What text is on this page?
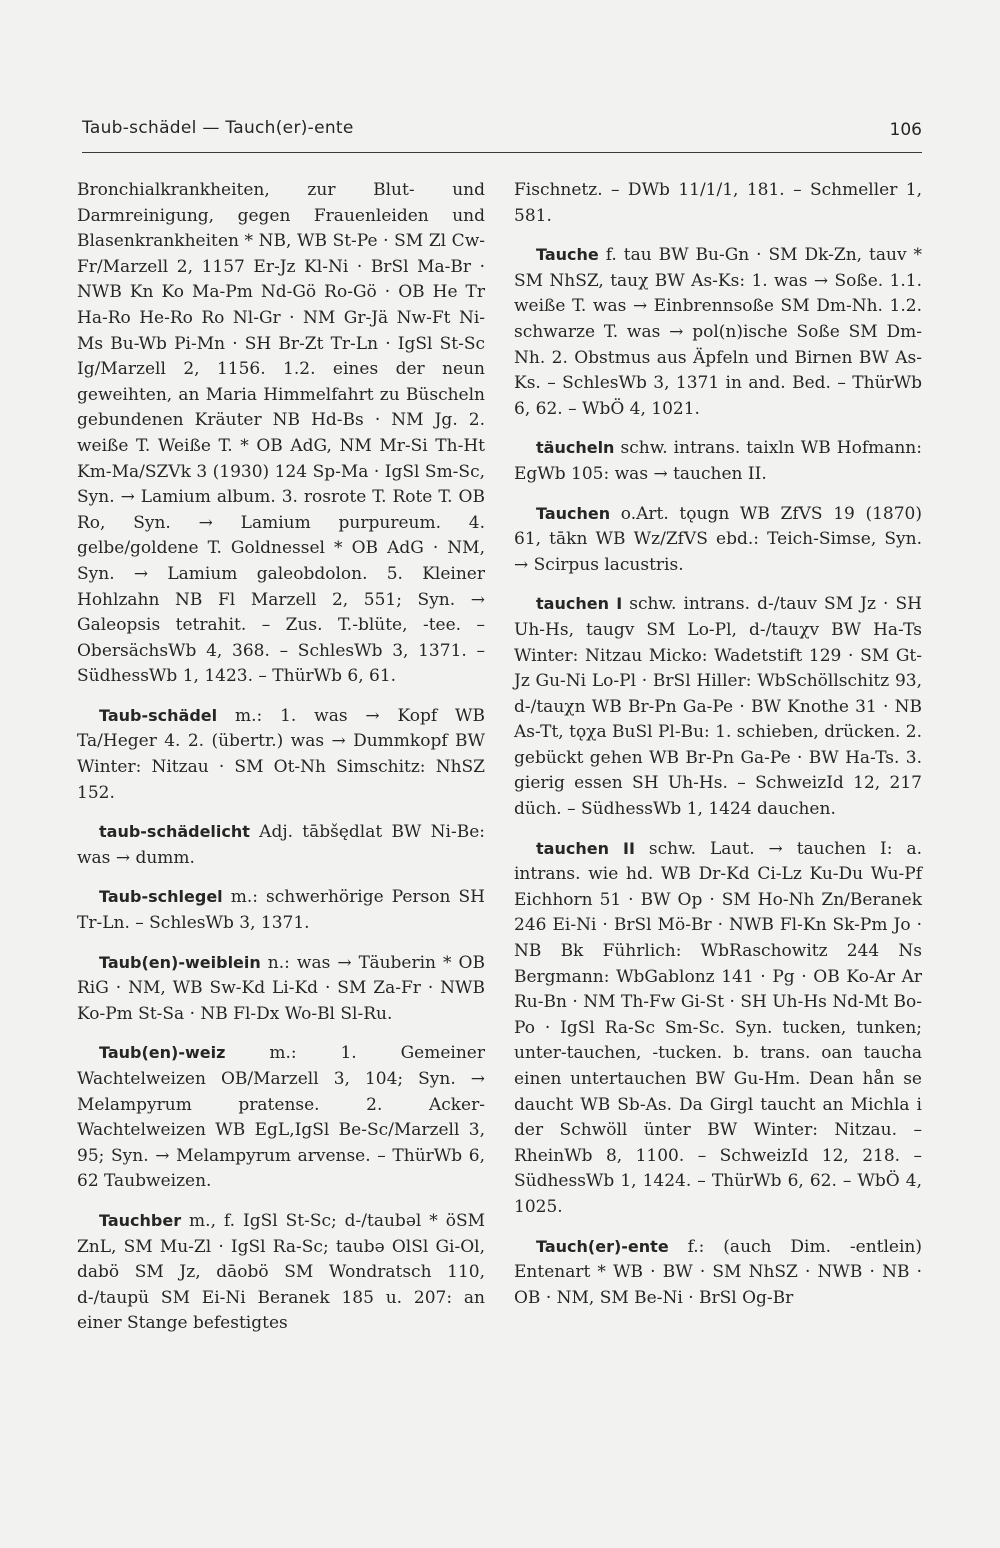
Taub-schädel — Tauch(er)-ente	106

Bronchialkrankheiten, zur Blut- und Darmreinigung, gegen Frauenleiden und Blasenkrankheiten * NB, WB St-Pe · SM Zl Cw-Fr/Marzell 2, 1157 Er-Jz Kl-Ni · BrSl Ma-Br · NWB Kn Ko Ma-Pm Nd-Gö Ro-Gö · OB He Tr Ha-Ro He-Ro Ro Nl-Gr · NM Gr-Jä Nw-Ft Ni-Ms Bu-Wb Pi-Mn · SH Br-Zt Tr-Ln · IgSl St-Sc Ig/Marzell 2, 1156. 1.2. eines der neun geweihten, an Maria Himmelfahrt zu Büscheln gebundenen Kräuter NB Hd-Bs · NM Jg. 2. weiße T. Weiße T. * OB AdG, NM Mr-Si Th-Ht Km-Ma/SZVk 3 (1930) 124 Sp-Ma · IgSl Sm-Sc, Syn. → Lamium album. 3. rosrote T. Rote T. OB Ro, Syn. → Lamium purpureum. 4. gelbe/goldene T. Goldnessel * OB AdG · NM, Syn. → Lamium galeobdolon. 5. Kleiner Hohlzahn NB Fl Marzell 2, 551; Syn. → Galeopsis tetrahit. – Zus. T.-blüte, -tee. – ObersächsWb 4, 368. – SchlesWb 3, 1371. – SüdhessWb 1, 1423. – ThürWb 6, 61.

Taub-schädel m.: 1. was → Kopf WB Ta/Heger 4. 2. (übertr.) was → Dummkopf BW Winter: Nitzau · SM Ot-Nh Simschitz: NhSZ 152.

taub-schädelicht Adj. tābšędlat BW Ni-Be: was → dumm.

Taub-schlegel m.: schwerhörige Person SH Tr-Ln. – SchlesWb 3, 1371.

Taub(en)-weiblein n.: was → Täuberin * OB RiG · NM, WB Sw-Kd Li-Kd · SM Za-Fr · NWB Ko-Pm St-Sa · NB Fl-Dx Wo-Bl Sl-Ru.

Taub(en)-weiz m.: 1. Gemeiner Wachtelweizen OB/Marzell 3, 104; Syn. → Melampyrum pratense. 2. Acker-Wachtelweizen WB EgL,IgSl Be-Sc/Marzell 3, 95; Syn. → Melampyrum arvense. – ThürWb 6, 62 Taubweizen.

Tauchber m., f. IgSl St-Sc; d-/taubəl * öSM ZnL, SM Mu-Zl · IgSl Ra-Sc; taubə OlSl Gi-Ol, dabö SM Jz, dāobö SM Wondratsch 110, d-/taupü SM Ei-Ni Beranek 185 u. 207: an einer Stange befestigtes

Fischnetz. – DWb 11/1/1, 181. – Schmeller 1, 581.

Tauche f. tau BW Bu-Gn · SM Dk-Zn, tauv * SM NhSZ, tauχ BW As-Ks: 1. was → Soße. 1.1. weiße T. was → Einbrennsoße SM Dm-Nh. 1.2. schwarze T. was → pol(n)ische Soße SM Dm-Nh. 2. Obstmus aus Äpfeln und Birnen BW As-Ks. – SchlesWb 3, 1371 in and. Bed. – ThürWb 6, 62. – WbÖ 4, 1021.

täucheln schw. intrans. taixln WB Hofmann: EgWb 105: was → tauchen II.

Tauchen o.Art. tǫugn WB ZfVS 19 (1870) 61, tākn WB Wz/ZfVS ebd.: Teich-Simse, Syn. → Scirpus lacustris.

tauchen I schw. intrans. d-/tauv SM Jz · SH Uh-Hs, taugv SM Lo-Pl, d-/tauχv BW Ha-Ts Winter: Nitzau Micko: Wadetstift 129 · SM Gt-Jz Gu-Ni Lo-Pl · BrSl Hiller: WbSchöllschitz 93, d-/tauχn WB Br-Pn Ga-Pe · BW Knothe 31 · NB As-Tt, tǫχa BuSl Pl-Bu: 1. schieben, drücken. 2. gebückt gehen WB Br-Pn Ga-Pe · BW Ha-Ts. 3. gierig essen SH Uh-Hs. – SchweizId 12, 217 düch. – SüdhessWb 1, 1424 dauchen.

tauchen II schw. Laut. → tauchen I: a. intrans. wie hd. WB Dr-Kd Ci-Lz Ku-Du Wu-Pf Eichhorn 51 · BW Op · SM Ho-Nh Zn/Beranek 246 Ei-Ni · BrSl Mö-Br · NWB Fl-Kn Sk-Pm Jo · NB Bk Führlich: WbRaschowitz 244 Ns Bergmann: WbGablonz 141 · Pg · OB Ko-Ar Ar Ru-Bn · NM Th-Fw Gi-St · SH Uh-Hs Nd-Mt Bo-Po · IgSl Ra-Sc Sm-Sc. Syn. tucken, tunken; unter-tauchen, -tucken. b. trans. oan taucha einen untertauchen BW Gu-Hm. Dean hån se daucht WB Sb-As. Da Girgl taucht an Michla i der Schwöll ünter BW Winter: Nitzau. – RheinWb 8, 1100. – SchweizId 12, 218. – SüdhessWb 1, 1424. – ThürWb 6, 62. – WbÖ 4, 1025.

Tauch(er)-ente f.: (auch Dim. -entlein) Entenart * WB · BW · SM NhSZ · NWB · NB · OB · NM, SM Be-Ni · BrSl Og-Br
